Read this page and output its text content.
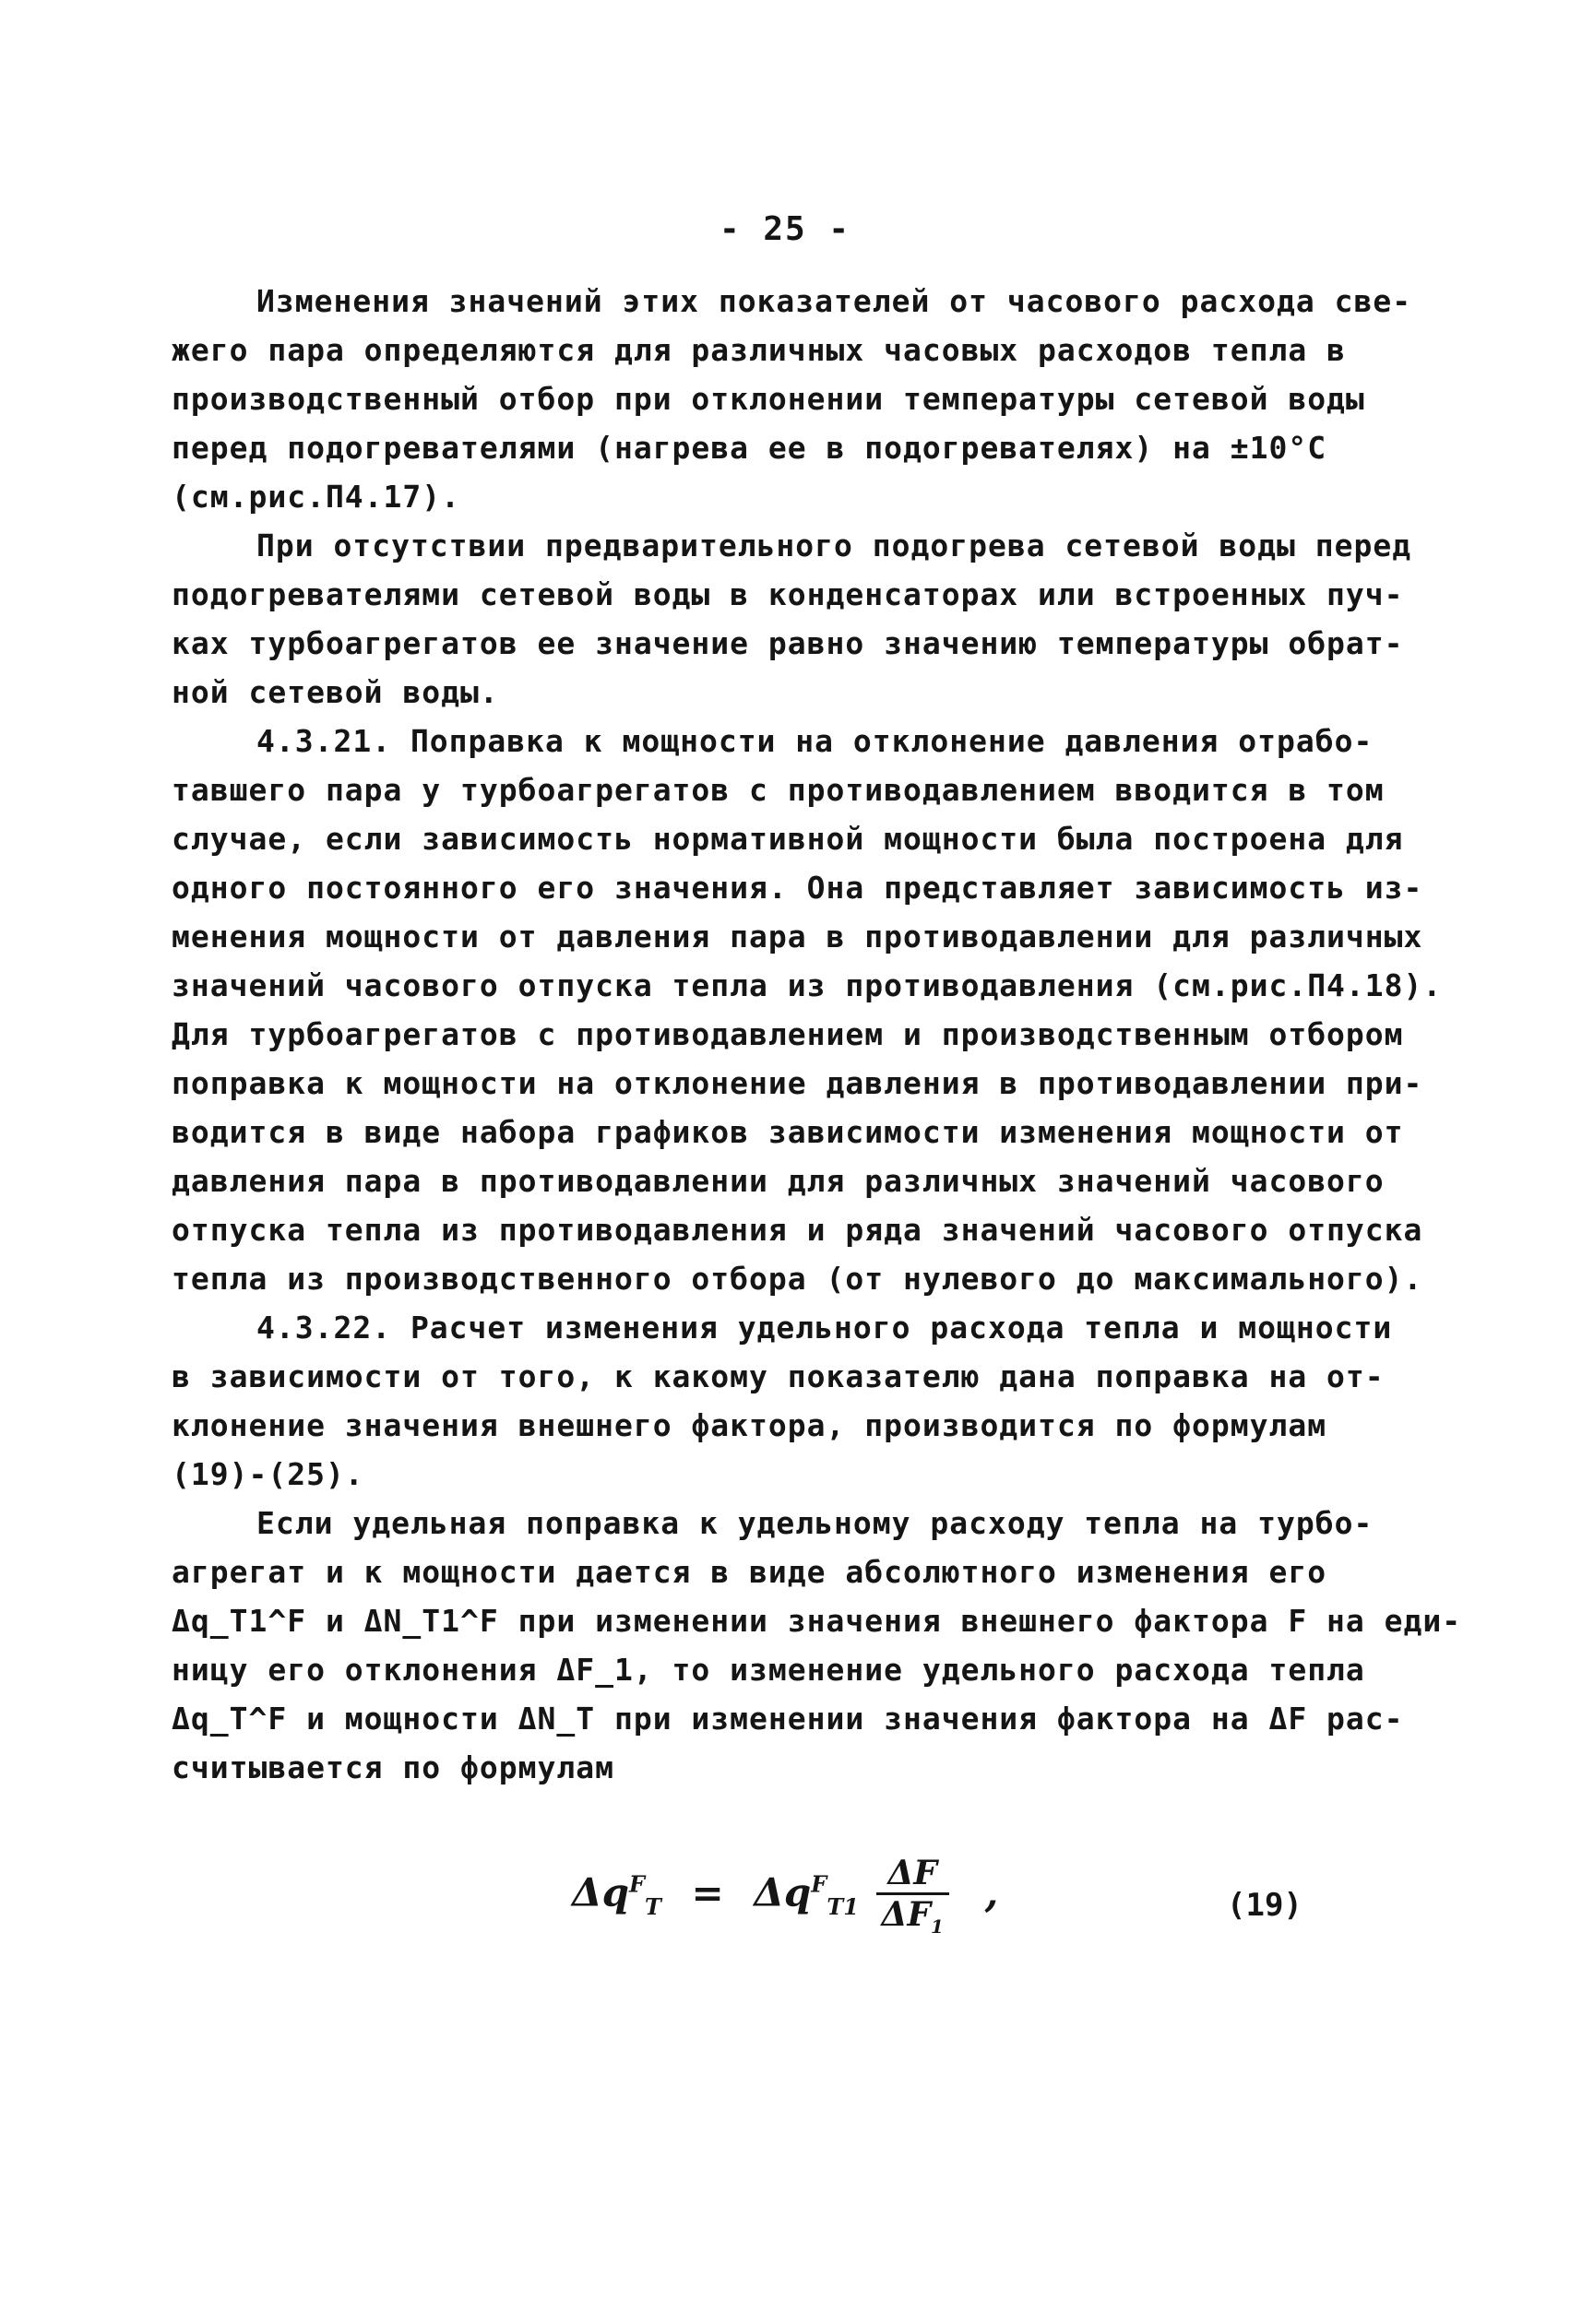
- 25 -

Изменения значений этих показателей от часового расхода све-

жего пара определяются для различных часовых расходов тепла в

производственный отбор при отклонении температуры сетевой воды

перед подогревателями (нагрева ее в подогревателях) на ±10°C

(см.рис.П4.17).

При отсутствии предварительного подогрева сетевой воды перед

подогревателями сетевой воды в конденсаторах или встроенных пуч-

ках турбоагрегатов ее значение равно значению температуры обрат-

ной сетевой воды.

4.3.21. Поправка к мощности на отклонение давления отрабо-

тавшего пара у турбоагрегатов с противодавлением вводится в том

случае, если зависимость нормативной мощности была построена для

одного постоянного его значения. Она представляет зависимость из-

менения мощности от давления пара в противодавлении для различных

значений часового отпуска тепла из противодавления (см.рис.П4.18).

Для турбоагрегатов с противодавлением и производственным отбором

поправка к мощности на отклонение давления в противодавлении при-

водится в виде набора графиков зависимости изменения мощности от

давления пара в противодавлении для различных значений часового

отпуска тепла из противодавления и ряда значений часового отпуска

тепла из производственного отбора (от нулевого до максимального).

4.3.22. Расчет изменения удельного расхода тепла и мощности

в зависимости от того, к какому показателю дана поправка на от-

клонение значения внешнего фактора, производится по формулам

(19)-(25).

Если удельная поправка к удельному расходу тепла на турбо-

агрегат и к мощности дается в виде абсолютного изменения его

Δq_T1^F и ΔN_T1^F при изменении значения внешнего фактора F на еди-

ницу его отклонения ΔF_1, то изменение удельного расхода тепла

Δq_T^F и мощности ΔN_T при изменении значения фактора на ΔF рас-

считывается по формулам

$\Delta q^F_T = \Delta q^F_{T1} \frac{\Delta F}{\Delta F_1}$ ,	(19)
